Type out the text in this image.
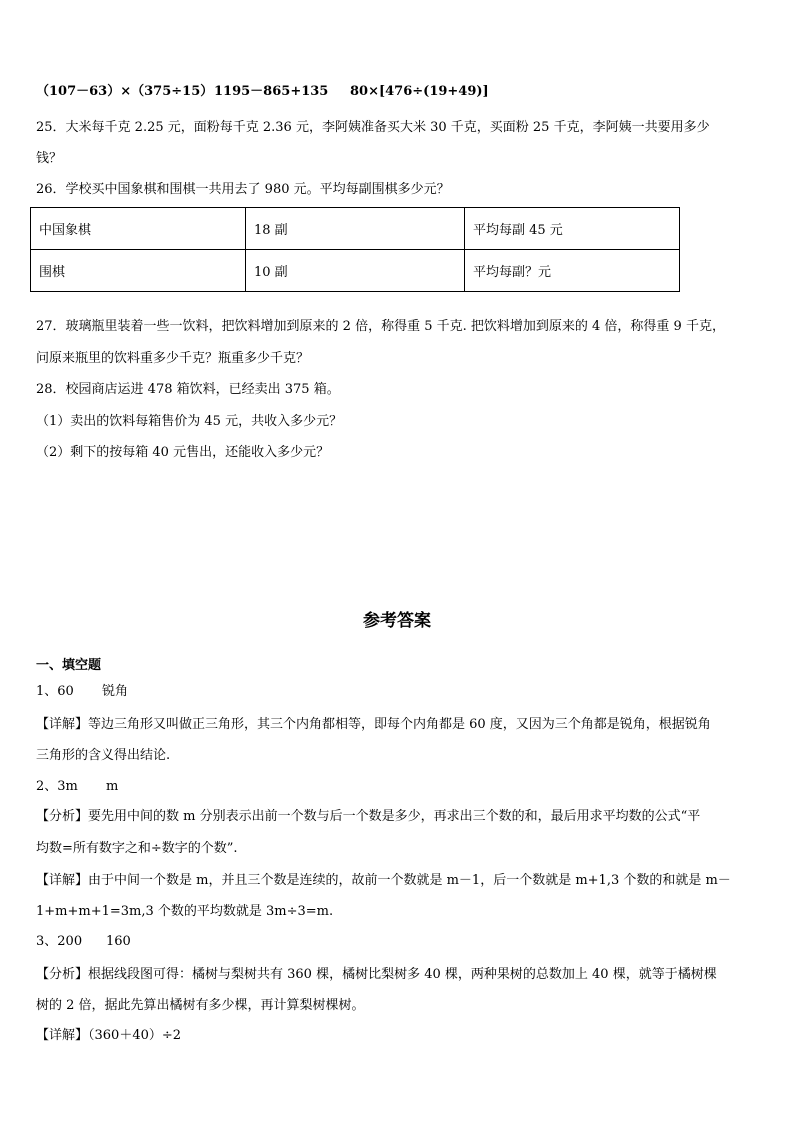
（107－63）×（375÷15）1195－865+135 80×[476÷(19+49)]
25．大米每千克 2.25 元，面粉每千克 2.36 元，李阿姨准备买大米 30 千克，买面粉 25 千克，李阿姨一共要用多少
钱？
26．学校买中国象棋和围棋一共用去了 980 元。平均每副围棋多少元？
中国象棋	18 副	平均每副 45 元
围棋	10 副	平均每副？元
27．玻璃瓶里装着一些一饮料，把饮料增加到原来的 2 倍，称得重 5 千克. 把饮料增加到原来的 4 倍，称得重 9 千克，
问原来瓶里的饮料重多少千克？瓶重多少千克？
28．校园商店运进 478 箱饮料，已经卖出 375 箱。
（1）卖出的饮料每箱售价为 45 元，共收入多少元？
（2）剩下的按每箱 40 元售出，还能收入多少元？
参考答案
一、填空题
1、60 锐角
【详解】等边三角形又叫做正三角形，其三个内角都相等，即每个内角都是 60 度，又因为三个角都是锐角，根据锐角
三角形的含义得出结论.
2、3m m
【分析】要先用中间的数 m 分别表示出前一个数与后一个数是多少，再求出三个数的和，最后用求平均数的公式“平
均数=所有数字之和÷数字的个数”.
【详解】由于中间一个数是 m，并且三个数是连续的，故前一个数就是 m－1，后一个数就是 m+1,3 个数的和就是 m－
1+m+m+1=3m,3 个数的平均数就是 3m÷3=m.
3、200 160
【分析】根据线段图可得：橘树与梨树共有 360 棵，橘树比梨树多 40 棵，两种果树的总数加上 40 棵，就等于橘树棵
树的 2 倍，据此先算出橘树有多少棵，再计算梨树棵树。
【详解】（360＋40）÷2
